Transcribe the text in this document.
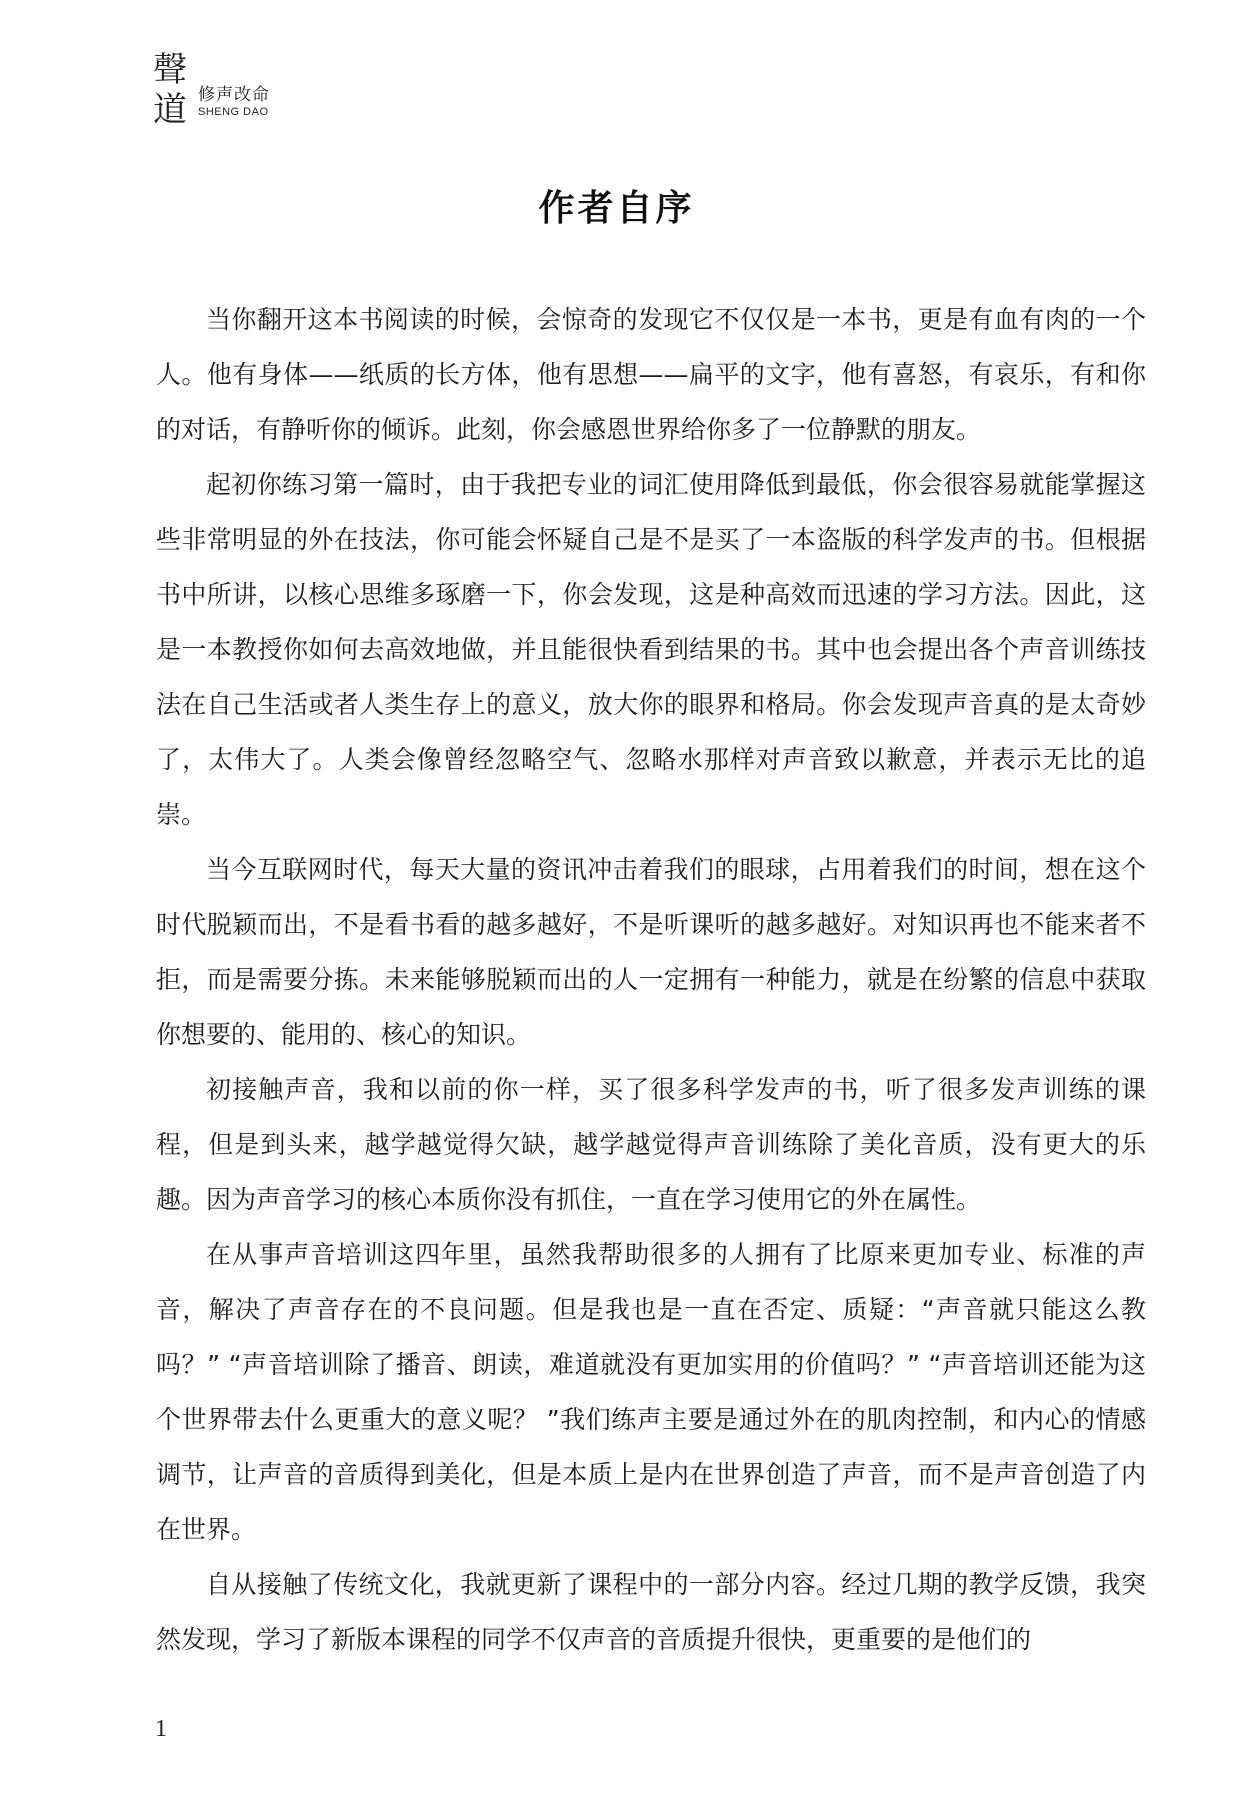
聲
道 修声改命
SHENG DAO
作者自序

当你翻开这本书阅读的时候，会惊奇的发现它不仅仅是一本书，更是有血有肉的一个人。他有身体——纸质的长方体，他有思想——扁平的文字，他有喜怒，有哀乐，有和你的对话，有静听你的倾诉。此刻，你会感恩世界给你多了一位静默的朋友。

起初你练习第一篇时，由于我把专业的词汇使用降低到最低，你会很容易就能掌握这些非常明显的外在技法，你可能会怀疑自己是不是买了一本盗版的科学发声的书。但根据书中所讲，以核心思维多琢磨一下，你会发现，这是种高效而迅速的学习方法。因此，这是一本教授你如何去高效地做，并且能很快看到结果的书。其中也会提出各个声音训练技法在自己生活或者人类生存上的意义，放大你的眼界和格局。你会发现声音真的是太奇妙了，太伟大了。人类会像曾经忽略空气、忽略水那样对声音致以歉意，并表示无比的追崇。

当今互联网时代，每天大量的资讯冲击着我们的眼球，占用着我们的时间，想在这个时代脱颖而出，不是看书看的越多越好，不是听课听的越多越好。对知识再也不能来者不拒，而是需要分拣。未来能够脱颖而出的人一定拥有一种能力，就是在纷繁的信息中获取你想要的、能用的、核心的知识。

初接触声音，我和以前的你一样，买了很多科学发声的书，听了很多发声训练的课程，但是到头来，越学越觉得欠缺，越学越觉得声音训练除了美化音质，没有更大的乐趣。因为声音学习的核心本质你没有抓住，一直在学习使用它的外在属性。

在从事声音培训这四年里，虽然我帮助很多的人拥有了比原来更加专业、标准的声音，解决了声音存在的不良问题。但是我也是一直在否定、质疑：“声音就只能这么教吗？” “声音培训除了播音、朗读，难道就没有更加实用的价值吗？” “声音培训还能为这个世界带去什么更重大的意义呢？ ”我们练声主要是通过外在的肌肉控制，和内心的情感调节，让声音的音质得到美化，但是本质上是内在世界创造了声音，而不是声音创造了内在世界。

自从接触了传统文化，我就更新了课程中的一部分内容。经过几期的教学反馈，我突然发现，学习了新版本课程的同学不仅声音的音质提升很快，更重要的是他们的

1
